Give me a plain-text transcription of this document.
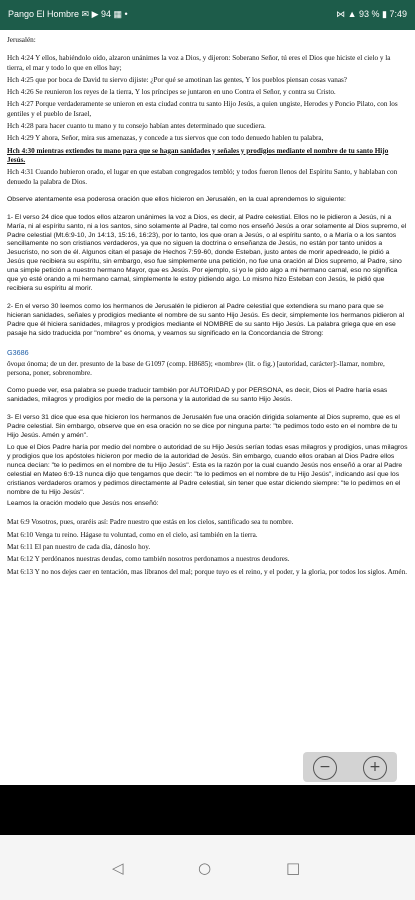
Pango El Hombre ✉ ▶ 94 ▦ •	⋈ ▲ 93 % ▮ 7:49

Jerusalén:

Hch 4:24 Y ellos, habiéndolo oído, alzaron unánimes la voz a Dios, y dijeron: Soberano Señor, tú eres el Dios que hiciste el cielo y la tierra, el mar y todo lo que en ellos hay;

Hch 4:25 que por boca de David tu siervo dijiste: ¿Por qué se amotinan las gentes, Y los pueblos piensan cosas vanas?

Hch 4:26 Se reunieron los reyes de la tierra, Y los príncipes se juntaron en uno Contra el Señor, y contra su Cristo.

Hch 4:27 Porque verdaderamente se unieron en esta ciudad contra tu santo Hijo Jesús, a quien ungiste, Herodes y Poncio Pilato, con los gentiles y el pueblo de Israel,

Hch 4:28 para hacer cuanto tu mano y tu consejo habían antes determinado que sucediera.

Hch 4:29 Y ahora, Señor, mira sus amenazas, y concede a tus siervos que con todo denuedo hablen tu palabra,

Hch 4:30 mientras extiendes tu mano para que se hagan sanidades y señales y prodigios mediante el nombre de tu santo Hijo Jesús.

Hch 4:31 Cuando hubieron orado, el lugar en que estaban congregados tembló; y todos fueron llenos del Espíritu Santo, y hablaban con denuedo la palabra de Dios.

Observe atentamente esa poderosa oración que ellos hicieron en Jerusalén, en la cual aprendemos lo siguiente:

1- El verso 24 dice que todos ellos alzaron unánimes la voz a Dios, es decir, al Padre celestial. Ellos no le pidieron a Jesús, ni a María, ni al espíritu santo, ni a los santos, sino solamente al Padre, tal como nos enseñó Jesús a orar solamente al Dios supremo, el Padre celestial (Mt.6:9-10, Jn 14:13, 15:16, 16:23), por lo tanto, los que oran a Jesús, o al espíritu santo, o a María o a los santos sencillamente no son cristianos verdaderos, ya que no siguen la doctrina o enseñanza de Jesús, no están por tanto unidos a Jesucristo, no son de él. Algunos citan el pasaje de Hechos 7:59-60, donde Esteban, justo antes de morir apedreado, le pidió a Jesús que recibiera su espíritu, sin embargo, eso fue simplemente una petición, no fue una oración al Dios supremo, al Padre, sino una simple petición a nuestro hermano Mayor, que es Jesús. Por ejemplo, si yo le pido algo a mi hermano carnal, eso no significa que yo esté orando a mi hermano carnal, simplemente le estoy pidiendo algo. Lo mismo hizo Esteban con Jesús, le pidió que recibiera su espíritu al morir.

2- En el verso 30 leemos como los hermanos de Jerusalén le pidieron al Padre celestial que extendiera su mano para que se hicieran sanidades, señales y prodigios mediante el nombre de su santo Hijo Jesús. Es decir, simplemente los hermanos pidieron al Padre que él hiciera sanidades, milagros y prodigios mediante el NOMBRE de su santo Hijo Jesús. La palabra griega que en ese pasaje ha sido traducida por "nombre" es ónoma, y veamos su significado en la Concordancia de Strong:

G3686

ὄνομα ónoma; de un der. presunto de la base de G1097 (comp. H8685); «nombre» (lit. o fig.) [autoridad, carácter]:-llamar, nombre, persona, poner, sobrenombre.

Como puede ver, esa palabra se puede traducir también por AUTORIDAD y por PERSONA, es decir, Dios el Padre haría esas sanidades, milagros y prodigios por medio de la persona y la autoridad de su santo Hijo Jesús.

3- El verso 31 dice que esa que hicieron los hermanos de Jerusalén fue una oración dirigida solamente al Dios supremo, que es el Padre celestial. Sin embargo, observe que en esa oración no se dice por ninguna parte: "te pedimos todo esto en el nombre de tu Hijo Jesús. Amén y amén".

Lo que el Dios Padre haría por medio del nombre o autoridad de su Hijo Jesús serían todas esas milagros y prodigios, unas milagros y prodigios que los apóstoles hicieron por medio de la autoridad de Jesús. Sin embargo, cuando ellos oraban al Dios Padre ellos nunca decían: "te lo pedimos en el nombre de tu Hijo Jesús". Esta es la razón por la cual cuando Jesús nos enseñó a orar al Padre celestial en Mateo 6:9-13 nunca dijo que tengamos que decir: "te lo pedimos en el nombre de tu Hijo Jesús", indicando así que los cristianos verdaderos oramos y pedimos directamente al Padre celestial, sin tener que estar diciendo siempre: "te lo pedimos en el nombre de tu Hijo Jesús".

Leamos la oración modelo que Jesús nos enseñó:

Mat 6:9 Vosotros, pues, oraréis así: Padre nuestro que estás en los cielos, santificado sea tu nombre.

Mat 6:10 Venga tu reino. Hágase tu voluntad, como en el cielo, así también en la tierra.

Mat 6:11 El pan nuestro de cada día, dánoslo hoy.

Mat 6:12 Y perdónanos nuestras deudas, como también nosotros perdonamos a nuestros deudores.

Mat 6:13 Y no nos dejes caer en tentación, mas líbranos del mal; porque tuyo es el reino, y el poder, y la gloria, por todos los siglos. Amén.

−	+
◁	○	□
